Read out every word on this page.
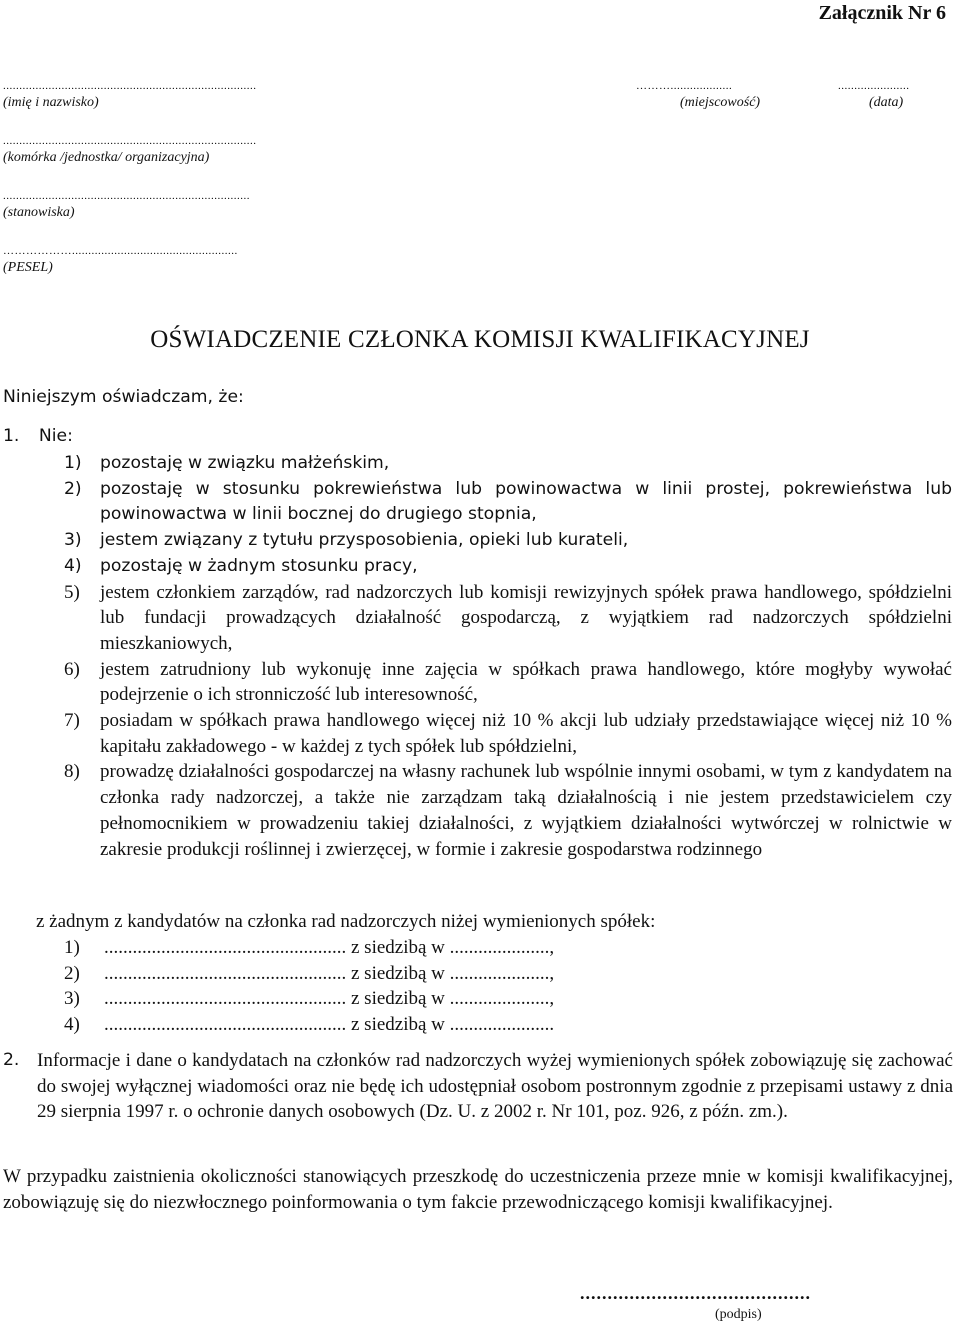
Załącznik Nr 6
..............................................................................
(imię i nazwisko)
………...................
(miejscowość)
......................
(data)
..............................................................................
(komórka /jednostka/ organizacyjna)
............................................................................
(stanowiska)
………………...................................................
(PESEL)
OŚWIADCZENIE CZŁONKA KOMISJI KWALIFIKACYJNEJ
Niniejszym oświadczam, że:
1. Nie:
1) pozostaję w związku małżeńskim,
2) pozostaję w stosunku pokrewieństwa lub powinowactwa w linii prostej, pokrewieństwa lub powinowactwa w linii bocznej do drugiego stopnia,
3) jestem związany z tytułu przysposobienia, opieki lub kurateli,
4) pozostaję w żadnym stosunku pracy,
5) jestem członkiem zarządów, rad nadzorczych lub komisji rewizyjnych spółek prawa handlowego, spółdzielni lub fundacji prowadzących działalność gospodarczą, z wyjątkiem rad nadzorczych spółdzielni mieszkaniowych,
6) jestem zatrudniony lub wykonuję inne zajęcia w spółkach prawa handlowego, które mogłyby wywołać podejrzenie o ich stronniczość lub interesowność,
7) posiadam w spółkach prawa handlowego więcej niż 10 % akcji lub udziały przedstawiające więcej niż 10 % kapitału zakładowego - w każdej z tych spółek lub spółdzielni,
8) prowadzę działalności gospodarczej na własny rachunek lub wspólnie innymi osobami, w tym z kandydatem na członka rady nadzorczej, a także nie zarządzam taką działalnością i nie jestem przedstawicielem czy pełnomocnikiem w prowadzeniu takiej działalności, z wyjątkiem działalności wytwórczej w rolnictwie w zakresie produkcji roślinnej i zwierzęcej, w formie i zakresie gospodarstwa rodzinnego
z żadnym z kandydatów na członka rad nadzorczych niżej wymienionych spółek:
1) ................................................... z siedzibą w .....................,
2) ................................................... z siedzibą w .....................,
3) ................................................... z siedzibą w .....................,
4) ................................................... z siedzibą w ......................
2. Informacje i dane o kandydatach na członków rad nadzorczych wyżej wymienionych spółek zobowiązuję się zachować do swojej wyłącznej wiadomości oraz nie będę ich udostępniał osobom postronnym zgodnie z przepisami ustawy z dnia 29 sierpnia 1997 r. o ochronie danych osobowych (Dz. U. z 2002 r. Nr 101, poz. 926, z późn. zm.).
W przypadku zaistnienia okoliczności stanowiących przeszkodę do uczestniczenia przeze mnie w komisji kwalifikacyjnej, zobowiązuję się do niezwłocznego poinformowania o tym fakcie przewodniczącego komisji kwalifikacyjnej.
..........................................
(podpis)
